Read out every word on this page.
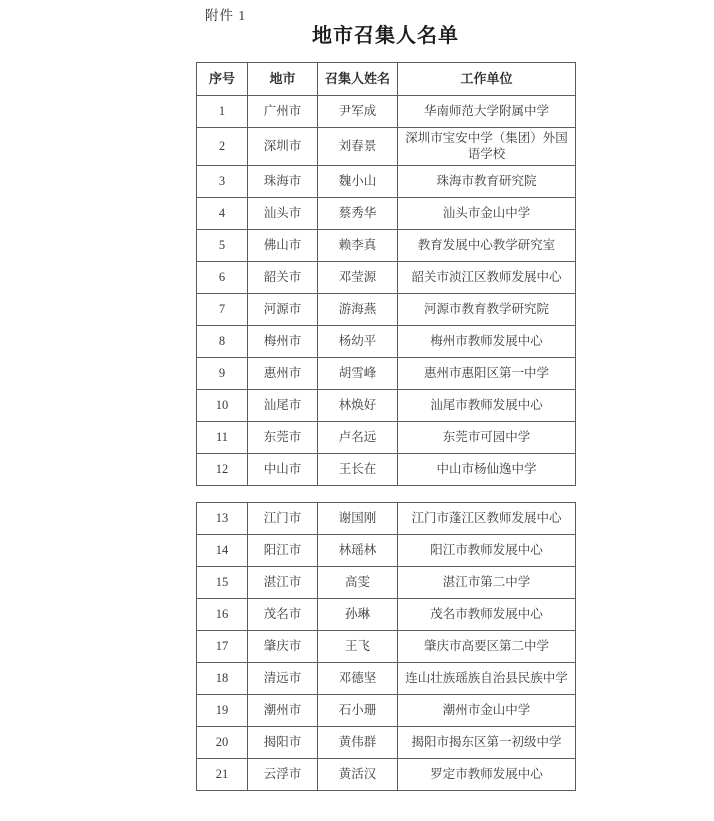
附件 1
地市召集人名单
序号	地市	召集人姓名	工作单位
1	广州市	尹军成	华南师范大学附属中学
2	深圳市	刘春景	深圳市宝安中学（集团）外国语学校
3	珠海市	魏小山	珠海市教育研究院
4	汕头市	蔡秀华	汕头市金山中学
5	佛山市	赖李真	教育发展中心教学研究室
6	韶关市	邓莹源	韶关市浈江区教师发展中心
7	河源市	游海燕	河源市教育教学研究院
8	梅州市	杨幼平	梅州市教师发展中心
9	惠州市	胡雪峰	惠州市惠阳区第一中学
10	汕尾市	林焕好	汕尾市教师发展中心
11	东莞市	卢名远	东莞市可园中学
12	中山市	王长在	中山市杨仙逸中学
13	江门市	谢国刚	江门市蓬江区教师发展中心
14	阳江市	林瑶林	阳江市教师发展中心
15	湛江市	高雯	湛江市第二中学
16	茂名市	孙琳	茂名市教师发展中心
17	肇庆市	王飞	肇庆市高要区第二中学
18	清远市	邓德坚	连山壮族瑶族自治县民族中学
19	潮州市	石小珊	潮州市金山中学
20	揭阳市	黄伟群	揭阳市揭东区第一初级中学
21	云浮市	黄活汉	罗定市教师发展中心
